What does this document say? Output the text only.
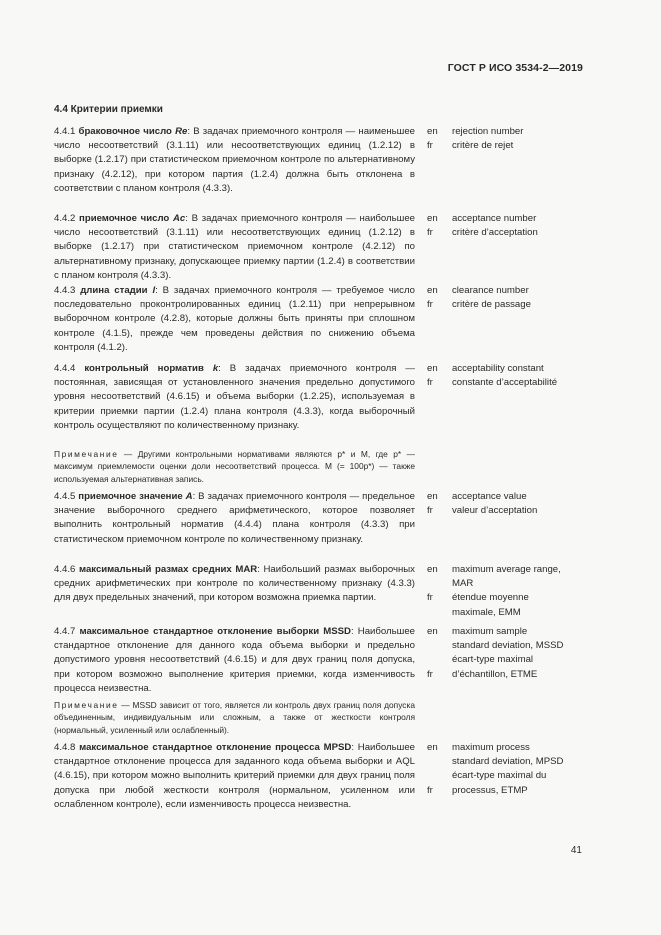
ГОСТ Р ИСО 3534-2—2019
4.4 Критерии приемки
4.4.1 браковочное число Re: В задачах приемочного контроля — наименьшее число несоответствий (3.1.11) или несоответствующих единиц (1.2.12) в выборке (1.2.17) при статистическом приемочном контроле по альтернативному признаку (4.2.12), при котором партия (1.2.4) должна быть отклонена в соответствии с планом контроля (4.3.3).
en
fr
rejection number
critère de rejet
4.4.2 приемочное число Ac: В задачах приемочного контроля — наибольшее число несоответствий (3.1.11) или несоответствующих единиц (1.2.12) в выборке (1.2.17) при статистическом приемочном контроле (4.2.12) по альтернативному признаку, допускающее приемку партии (1.2.4) в соответствии с планом контроля (4.3.3).
en
fr
acceptance number
critère d’acceptation
4.4.3 длина стадии l: В задачах приемочного контроля — требуемое число последовательно проконтролированных единиц (1.2.11) при непрерывном выборочном контроле (4.2.8), которые должны быть приняты при сплошном контроле (4.1.5), прежде чем проведены действия по снижению объема контроля (4.1.2).
en
fr
clearance number
critère de passage
4.4.4 контрольный норматив k: В задачах приемочного контроля — постоянная, зависящая от установленного значения предельно допустимого уровня несоответствий (4.6.15) и объема выборки (1.2.25), используемая в критерии приемки партии (1.2.4) плана контроля (4.3.3), когда выборочный контроль осуществляют по количественному признаку.
Примечание — Другими контрольными нормативами являются p* и M, где p* — максимум приемлемости оценки доли несоответствий процесса. M (= 100p*) — также используемая альтернативная запись.
en
fr
acceptability constant
constante d’acceptabilité
4.4.5 приемочное значение A: В задачах приемочного контроля — предельное значение выборочного среднего арифметического, которое позволяет выполнить контрольный норматив (4.4.4) плана контроля (4.3.3) при статистическом приемочном контроле по количественному признаку.
en
fr
acceptance value
valeur d’acceptation
4.4.6 максимальный размах средних MAR: Наибольший размах выборочных средних арифметических при контроле по количественному признаку (4.3.3) для двух предельных значений, при котором возможна приемка партии.
en
fr
maximum average range, MAR
étendue moyenne maximale, EMM
4.4.7 максимальное стандартное отклонение выборки MSSD: Наибольшее стандартное отклонение для данного кода объема выборки и предельно допустимого уровня несоответствий (4.6.15) и для двух границ поля допуска, при котором возможно выполнение критерия приемки, когда изменчивость процесса неизвестна.
Примечание — MSSD зависит от того, является ли контроль двух границ поля допуска объединенным, индивидуальным или сложным, а также от жесткости контроля (нормальный, усиленный или ослабленный).
en
fr
maximum sample standard deviation, MSSD
écart-type maximal d’échantillon, ETME
4.4.8 максимальное стандартное отклонение процесса MPSD: Наибольшее стандартное отклонение процесса для заданного кода объема выборки и AQL (4.6.15), при котором можно выполнить критерий приемки для двух границ поля допуска при любой жесткости контроля (нормальном, усиленном или ослабленном контроле), если изменчивость процесса неизвестна.
en
fr
maximum process standard deviation, MPSD
écart-type maximal du processus, ETMP
41
